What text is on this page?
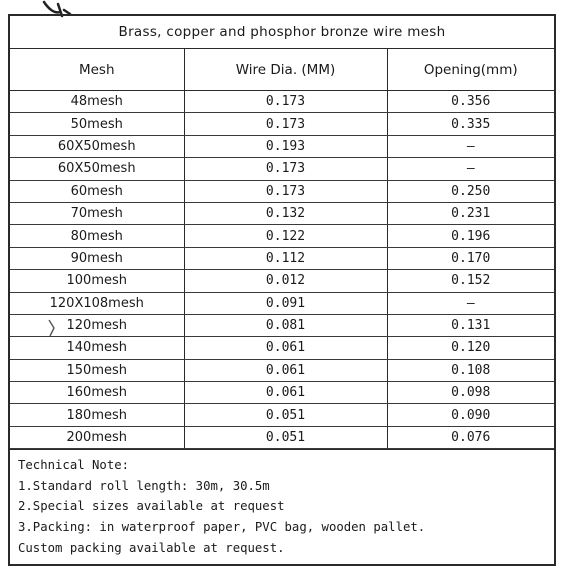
Brass, copper and phosphor bronze wire mesh
Mesh	Wire Dia. (MM)	Opening(mm)
48mesh	0.173	0.356
50mesh	0.173	0.335
60X50mesh	0.193	—
60X50mesh	0.173	—
60mesh	0.173	0.250
70mesh	0.132	0.231
80mesh	0.122	0.196
90mesh	0.112	0.170
100mesh	0.012	0.152
120X108mesh	0.091	—
120mesh	0.081	0.131
140mesh	0.061	0.120
150mesh	0.061	0.108
160mesh	0.061	0.098
180mesh	0.051	0.090
200mesh	0.051	0.076
Technical Note:
1.Standard roll length: 30m, 30.5m
2.Special sizes available at request
3.Packing: in waterproof paper, PVC bag, wooden pallet.
Custom packing available at request.
